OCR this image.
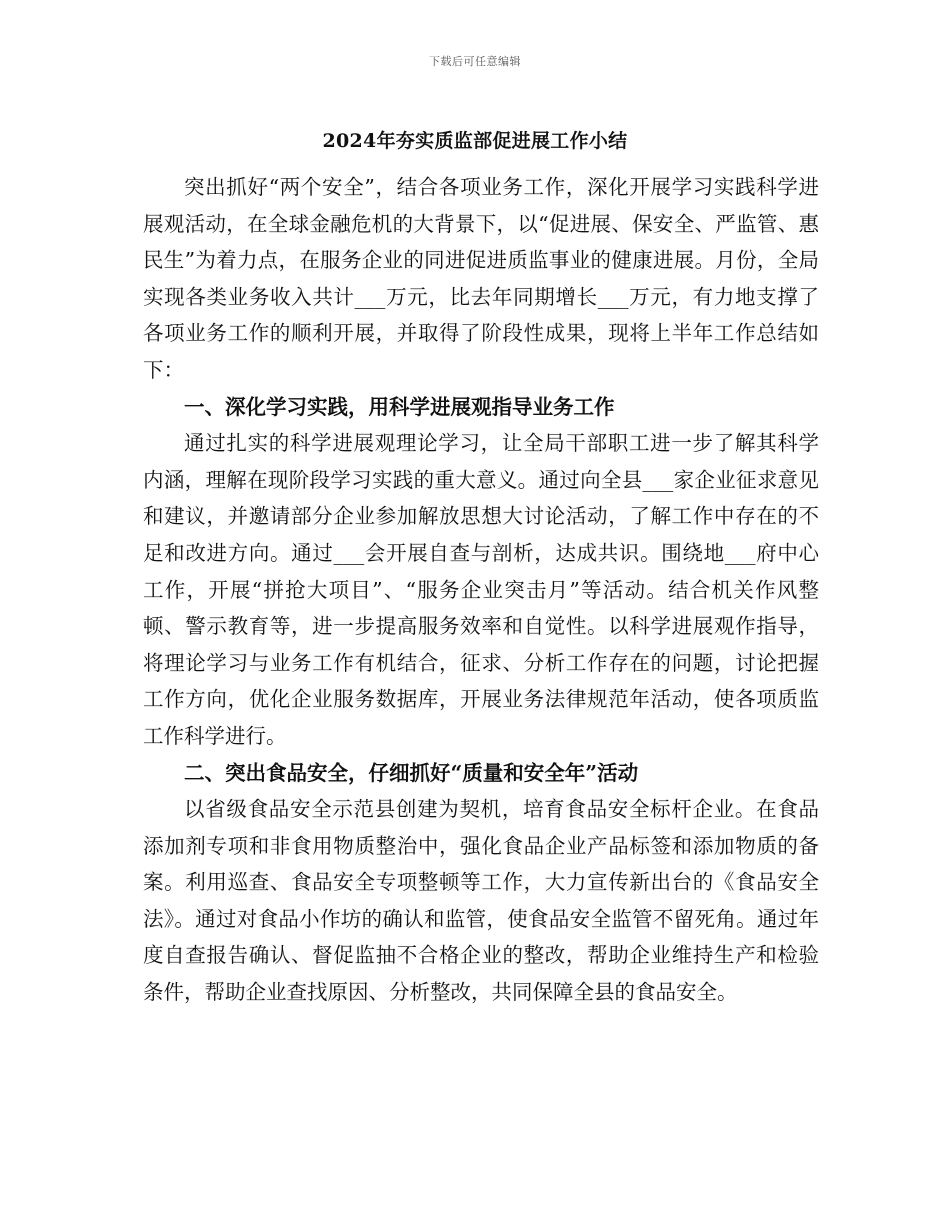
下载后可任意编辑
2024年夯实质监部促进展工作小结

突出抓好“两个安全”，结合各项业务工作，深化开展学习实践科学进展观活动，在全球金融危机的大背景下，以“促进展、保安全、严监管、惠民生”为着力点，在服务企业的同进促进质监事业的健康进展。月份，全局实现各类业务收入共计___万元，比去年同期增长___万元，有力地支撑了各项业务工作的顺利开展，并取得了阶段性成果，现将上半年工作总结如下：

一、深化学习实践，用科学进展观指导业务工作

通过扎实的科学进展观理论学习，让全局干部职工进一步了解其科学内涵，理解在现阶段学习实践的重大意义。通过向全县___家企业征求意见和建议，并邀请部分企业参加解放思想大讨论活动，了解工作中存在的不足和改进方向。通过___会开展自查与剖析，达成共识。围绕地___府中心工作，开展“拼抢大项目”、“服务企业突击月”等活动。结合机关作风整顿、警示教育等，进一步提高服务效率和自觉性。以科学进展观作指导，将理论学习与业务工作有机结合，征求、分析工作存在的问题，讨论把握工作方向，优化企业服务数据库，开展业务法律规范年活动，使各项质监工作科学进行。

二、突出食品安全，仔细抓好“质量和安全年”活动

以省级食品安全示范县创建为契机，培育食品安全标杆企业。在食品添加剂专项和非食用物质整治中，强化食品企业产品标签和添加物质的备案。利用巡查、食品安全专项整顿等工作，大力宣传新出台的《食品安全法》。通过对食品小作坊的确认和监管，使食品安全监管不留死角。通过年度自查报告确认、督促监抽不合格企业的整改，帮助企业维持生产和检验条件，帮助企业查找原因、分析整改，共同保障全县的食品安全。
